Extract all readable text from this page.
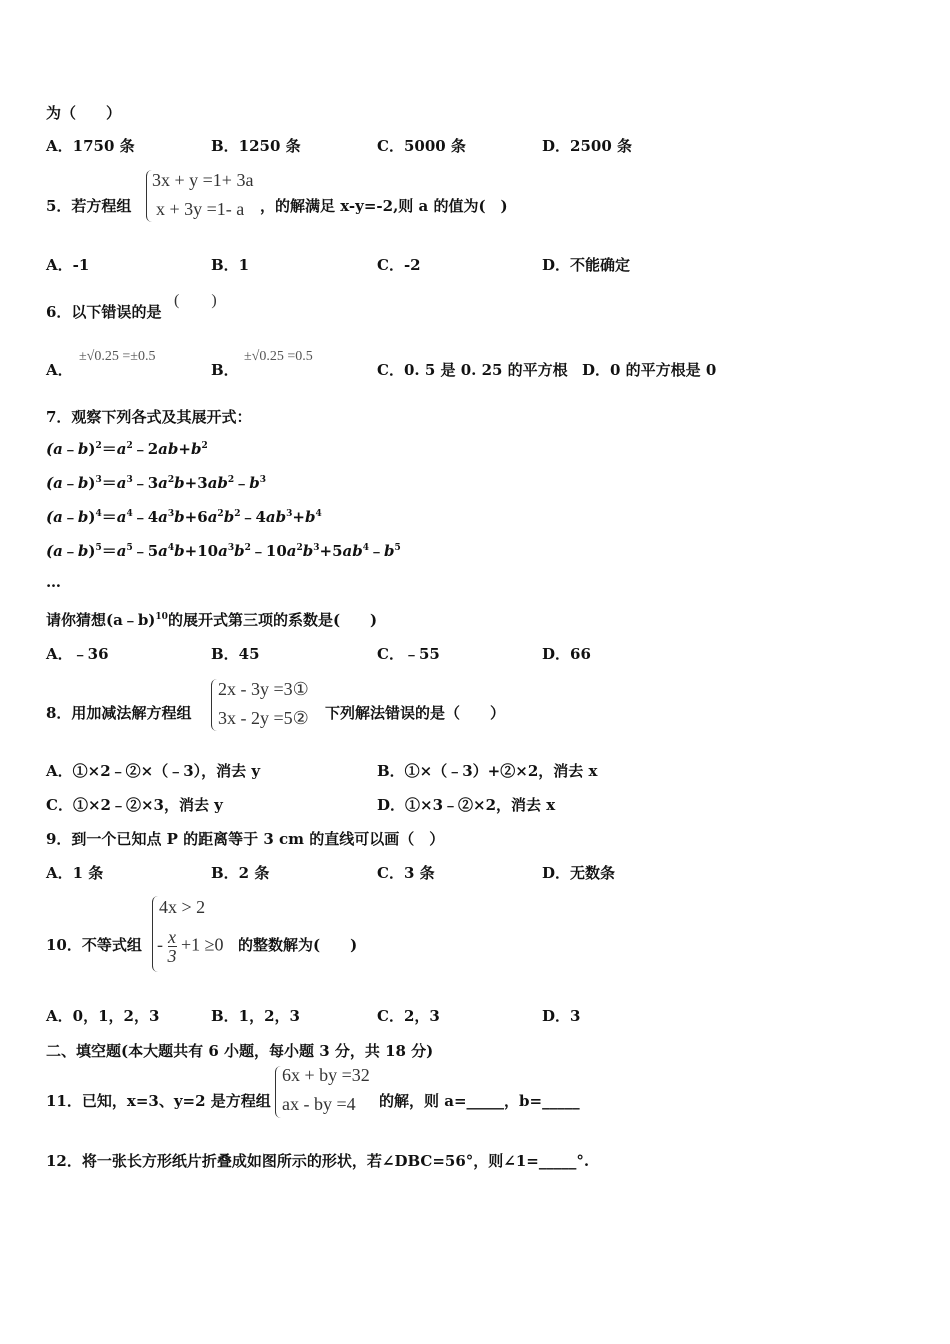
为（　　）
A．1750 条	B．1250 条	C．5000 条	D．2500 条
5．若方程组
3x + y =1+ 3a
x + 3y =1- a ，的解满足 x-y=-2,则 a 的值为(　)
A．-1	B．1	C．-2	D．不能确定
6．以下错误的是
(　　)
A．
±√0.25 =±0.5
B．
±√0.25 =0.5
C．0. 5 是 0. 25 的平方根 D．0 的平方根是 0
7．观察下列各式及其展开式：
$(a﹣b)^2=a^2﹣2ab+b^2$
$(a﹣b)^3=a^3﹣3a^2b+3ab^2﹣b^3$
$(a﹣b)^4=a^4﹣4a^3b+6a^2b^2﹣4ab^3+b^4$
$(a﹣b)^5=a^5﹣5a^4b+10a^3b^2﹣10a^2b^3+5ab^4﹣b^5$
…
请你猜想(a﹣b)$^{10}$的展开式第三项的系数是(　　)
A．﹣36	B．45	C．﹣55	D．66
8．用加减法解方程组
2x - 3y =3①
3x - 2y =5② 下列解法错误的是（　　）
A．①×2﹣②×（﹣3），消去 y	B．①×（﹣3）+②×2，消去 x
C．①×2﹣②×3，消去 y	D．①×3﹣②×2，消去 x
9．到一个已知点 P 的距离等于 3 cm 的直线可以画（　）
A．1 条	B．2 条	C．3 条	D．无数条
10．不等式组
4x > 2
- $\frac{x}{3} +1 \ge 0$ 的整数解为(　　)
A．0，1，2，3	B．1，2，3	C．2，3	D．3
二、填空题(本大题共有 6 小题，每小题 3 分，共 18 分)
11．已知，x=3、y=2 是方程组
6x + by =32
ax - by =4 的解，则 a=_____，b=_____
12．将一张长方形纸片折叠成如图所示的形状，若∠DBC=56°，则∠1=_____°.
